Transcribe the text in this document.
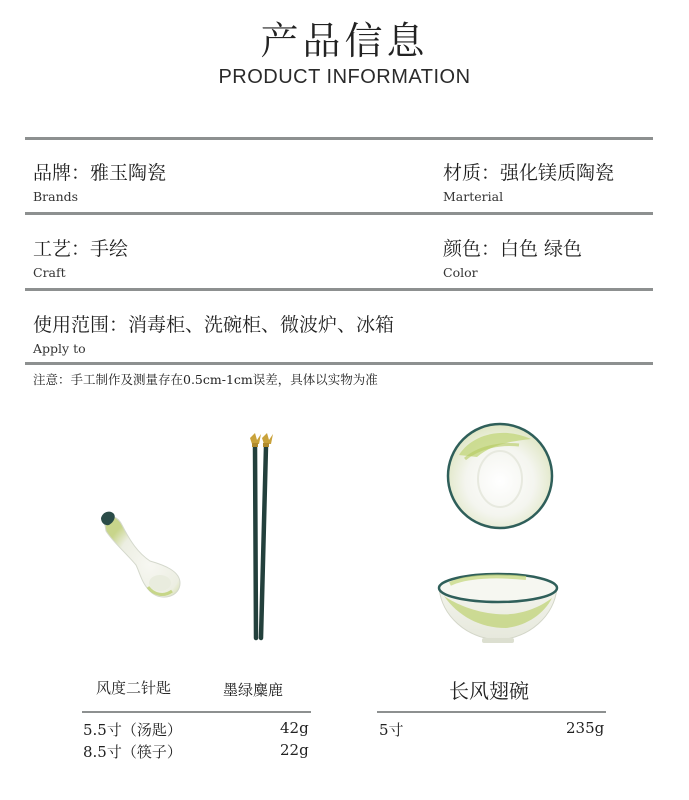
产品信息
PRODUCT INFORMATION
品牌：雅玉陶瓷
Brands
材质：强化镁质陶瓷
Marterial
工艺：手绘
Craft
颜色：白色 绿色
Color
使用范围：消毒柜、洗碗柜、微波炉、冰箱
Apply to
注意：手工制作及测量存在0.5cm-1cm误差，具体以实物为准
风度二针匙	墨绿麋鹿	长风翅碗
5.5寸（汤匙）	42g
8.5寸（筷子）	22g
5寸	235g
